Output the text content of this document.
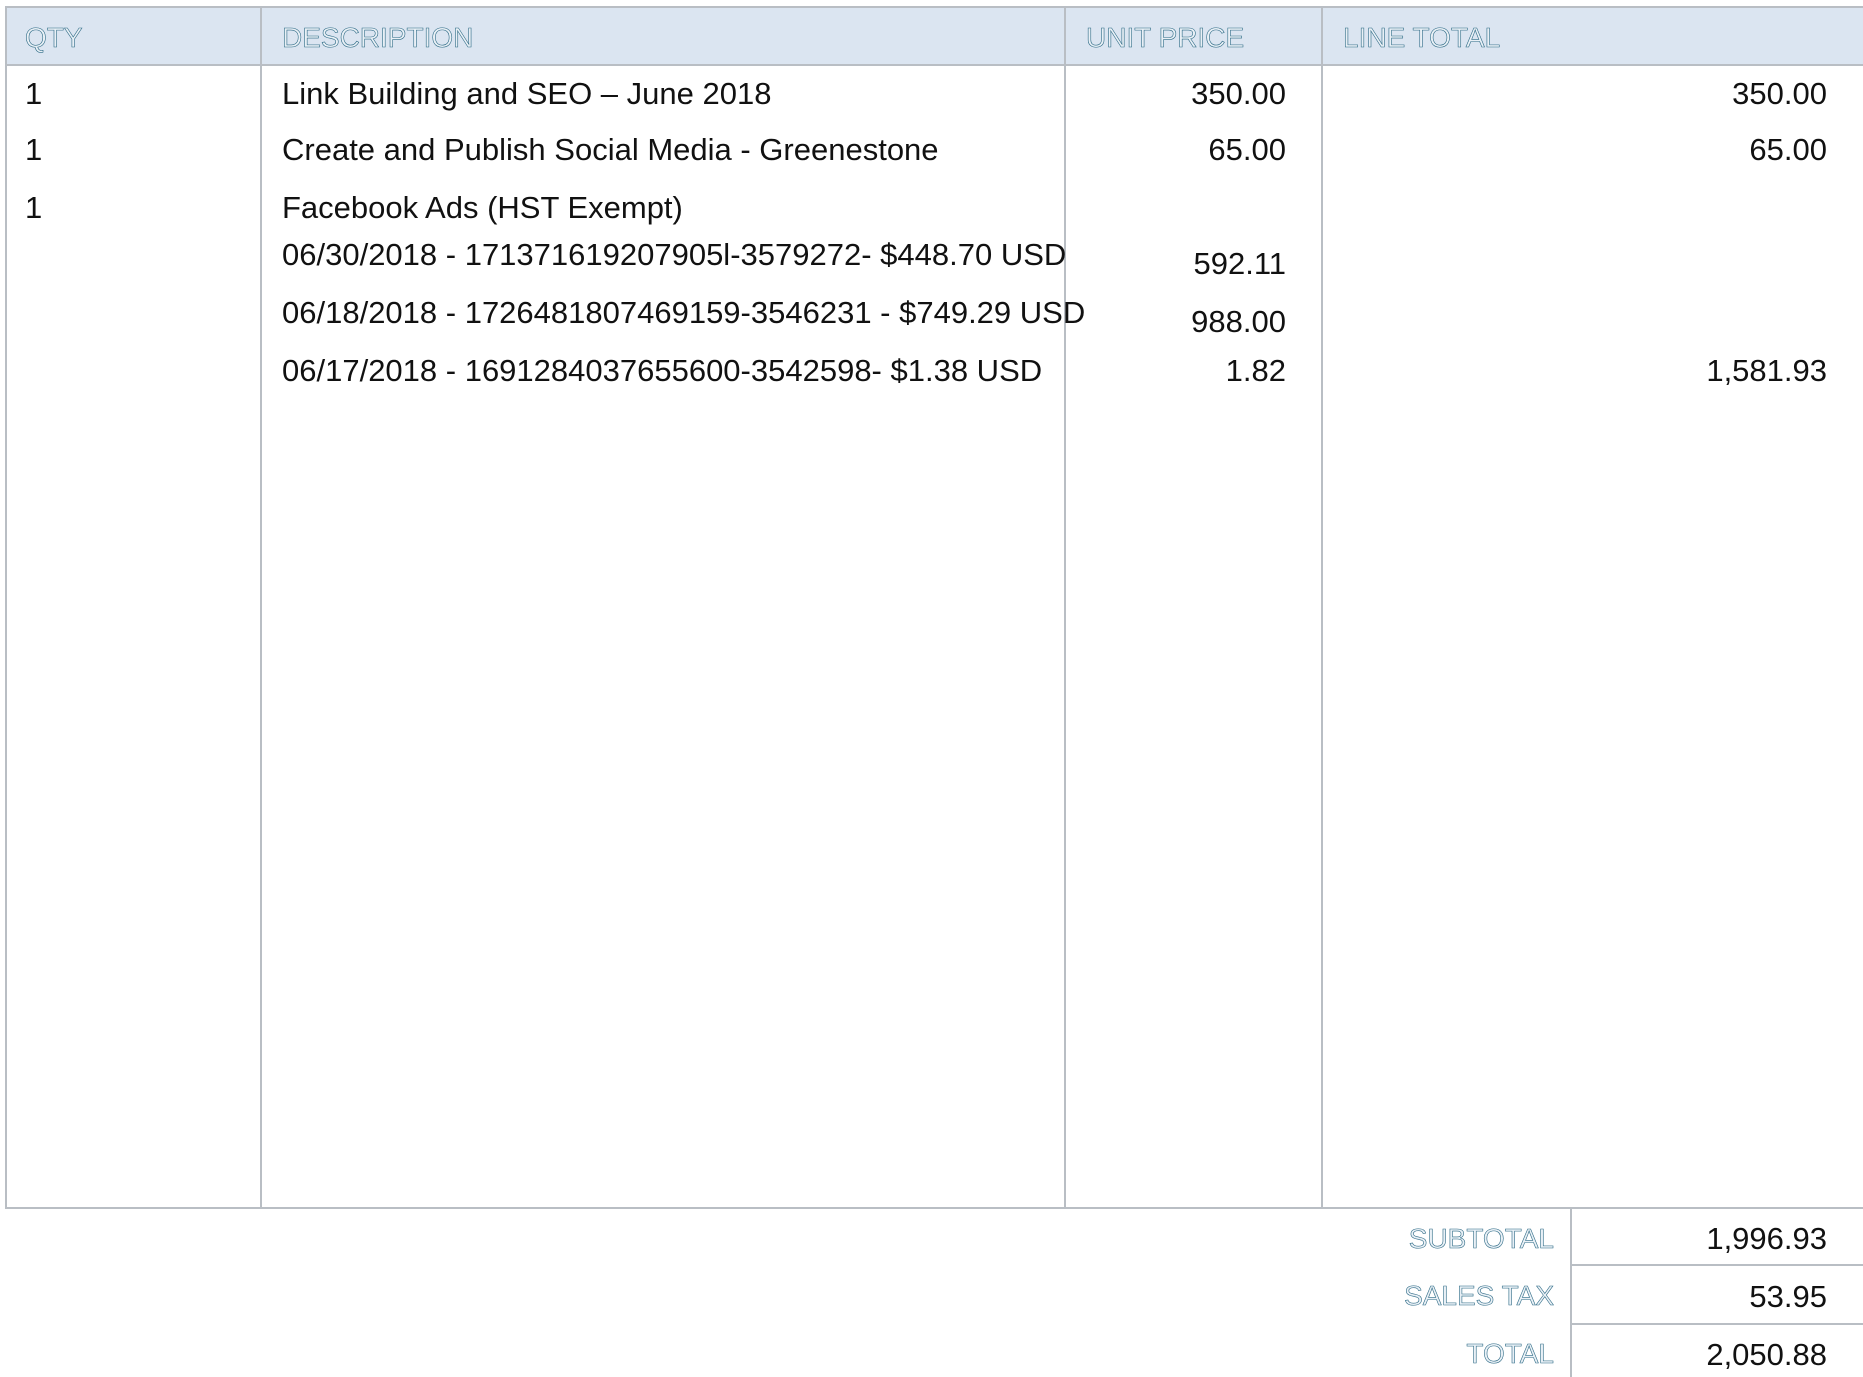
QTY	DESCRIPTION	UNIT PRICE	LINE TOTAL
1	Link Building and SEO – June 2018	350.00	350.00
1	Create and Publish Social Media - Greenestone	65.00	65.00
1	Facebook Ads (HST Exempt)
06/30/2018 - 171371619207905l-3579272- $448.70 USD	592.11
06/18/2018 - 1726481807469159-3546231 - $749.29 USD	988.00
06/17/2018 - 1691284037655600-3542598- $1.38 USD	1.82	1,581.93
SUBTOTAL	1,996.93
SALES TAX	53.95
TOTAL	2,050.88
